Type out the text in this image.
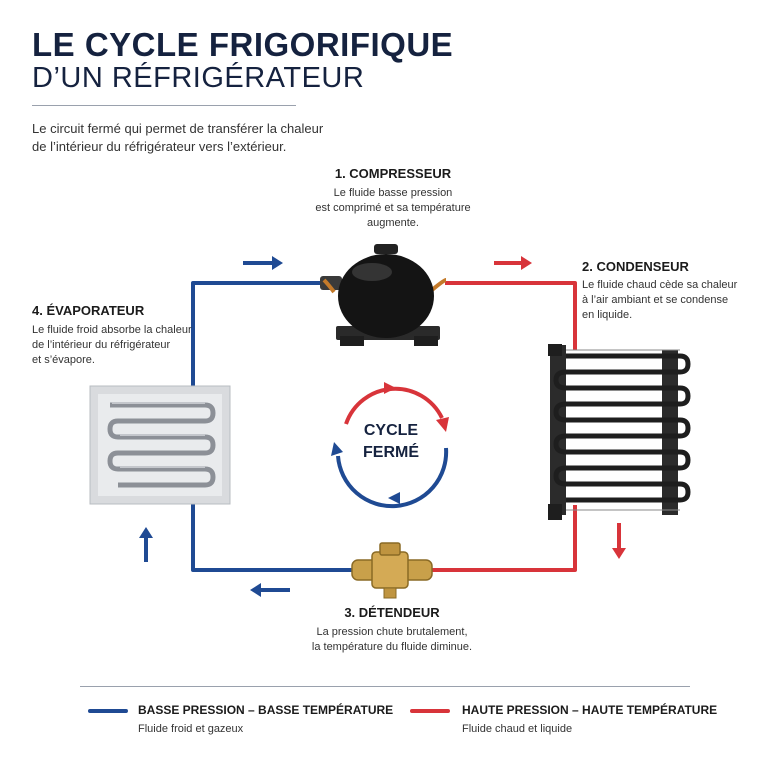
LE CYCLE FRIGORIFIQUE
D’UN RÉFRIGÉRATEUR
Le circuit fermé qui permet de transférer la chaleur
de l’intérieur du réfrigérateur vers l’extérieur.
CYCLE
FERMÉ
1. COMPRESSEUR
Le fluide basse pression
est comprimé et sa température
augmente.
2. CONDENSEUR
Le fluide chaud cède sa chaleur
à l’air ambiant et se condense
en liquide.
3. DÉTENDEUR
La pression chute brutalement,
la température du fluide diminue.
4. ÉVAPORATEUR
Le fluide froid absorbe la chaleur
de l’intérieur du réfrigérateur
et s’évapore.
BASSE PRESSION – BASSE TEMPÉRATURE
Fluide froid et gazeux
HAUTE PRESSION – HAUTE TEMPÉRATURE
Fluide chaud et liquide
